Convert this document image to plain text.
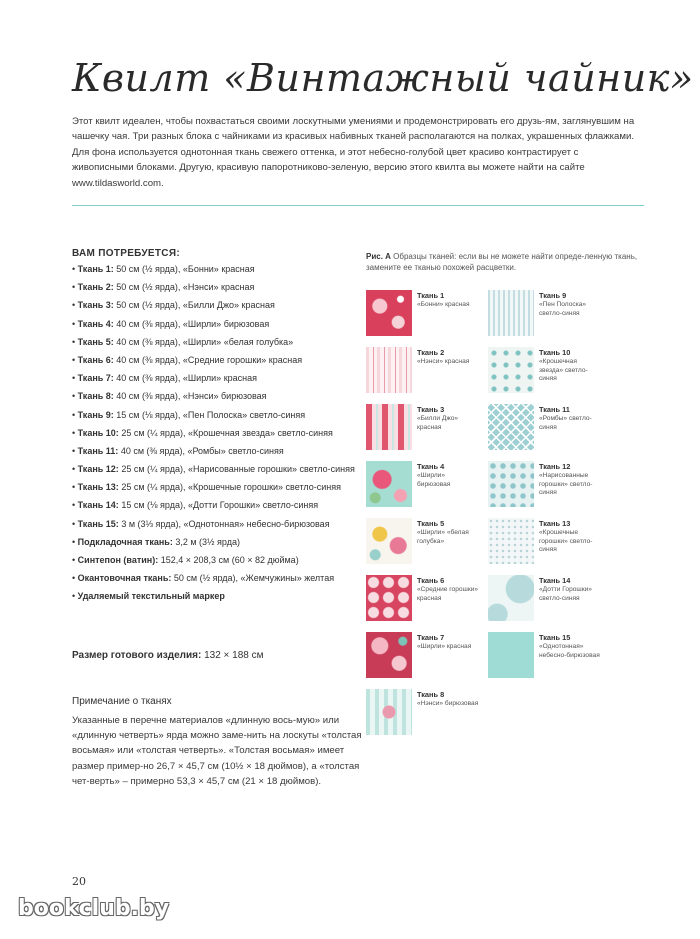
Квилт «Винтажный чайник»
Этот квилт идеален, чтобы похвастаться своими лоскутными умениями и продемонстрировать его друзь-ям, заглянувшим на чашечку чая. Три разных блока с чайниками из красивых набивных тканей располагаются на полках, украшенных флажками. Для фона используется однотонная ткань свежего оттенка, и этот небесно-голубой цвет красиво контрастирует с живописными блоками. Другую, красивую папоротниково-зеленую, версию этого квилта вы можете найти на сайте www.tildasworld.com.
ВАМ ПОТРЕБУЕТСЯ:
• Ткань 1: 50 см (½ ярда), «Бонни» красная
• Ткань 2: 50 см (½ ярда), «Нэнси» красная
• Ткань 3: 50 см (½ ярда), «Билли Джо» красная
• Ткань 4: 40 см (⅜ ярда), «Ширли» бирюзовая
• Ткань 5: 40 см (⅜ ярда), «Ширли» «белая голубка»
• Ткань 6: 40 см (⅜ ярда), «Средние горошки» красная
• Ткань 7: 40 см (⅜ ярда), «Ширли» красная
• Ткань 8: 40 см (⅜ ярда), «Нэнси» бирюзовая
• Ткань 9: 15 см (⅛ ярда), «Пен Полоска» светло-синяя
• Ткань 10: 25 см (¼ ярда), «Крошечная звезда» светло-синяя
• Ткань 11: 40 см (⅜ ярда), «Ромбы» светло-синяя
• Ткань 12: 25 см (¼ ярда), «Нарисованные горошки» светло-синяя
• Ткань 13: 25 см (¼ ярда), «Крошечные горошки» светло-синяя
• Ткань 14: 15 см (⅛ ярда), «Дотти Горошки» светло-синяя
• Ткань 15: 3 м (3⅓ ярда), «Однотонная» небесно-бирюзовая
• Подкладочная ткань: 3,2 м (3½ ярда)
• Синтепон (ватин): 152,4 × 208,3 см (60 × 82 дюйма)
• Окантовочная ткань: 50 см (½ ярда), «Жемчужины» желтая
• Удаляемый текстильный маркер
Размер готового изделия: 132 × 188 см
Примечание о тканях
Указанные в перечне материалов «длинную вось-мую» или «длинную четверть» ярда можно заме-нить на лоскуты «толстая восьмая» или «толстая четверть». «Толстая восьмая» имеет размер пример-но 26,7 × 45,7 см (10½ × 18 дюймов), а «толстая чет-верть» – примерно 53,3 × 45,7 см (21 × 18 дюймов).
Рис. А Образцы тканей: если вы не можете найти опреде-ленную ткань, замените ее тканью похожей расцветки.
Ткань 1
«Бонни» красная
Ткань 2
«Нэнси» красная
Ткань 3
«Билли Джо» красная
Ткань 4
«Ширли» бирюзовая
Ткань 5
«Ширли» «белая голубка»
Ткань 6
«Средние горошки» красная
Ткань 7
«Ширли» красная
Ткань 8
«Нэнси» бирюзовая
Ткань 9
«Пен Полоска» светло-синяя
Ткань 10
«Крошечная звезда» светло-синяя
Ткань 11
«Ромбы» светло-синяя
Ткань 12
«Нарисованные горошки» светло-синяя
Ткань 13
«Крошечные горошки» светло-синяя
Ткань 14
«Дотти Горошки» светло-синяя
Ткань 15
«Однотонная» небесно-бирюзовая
20
bookclub.by
